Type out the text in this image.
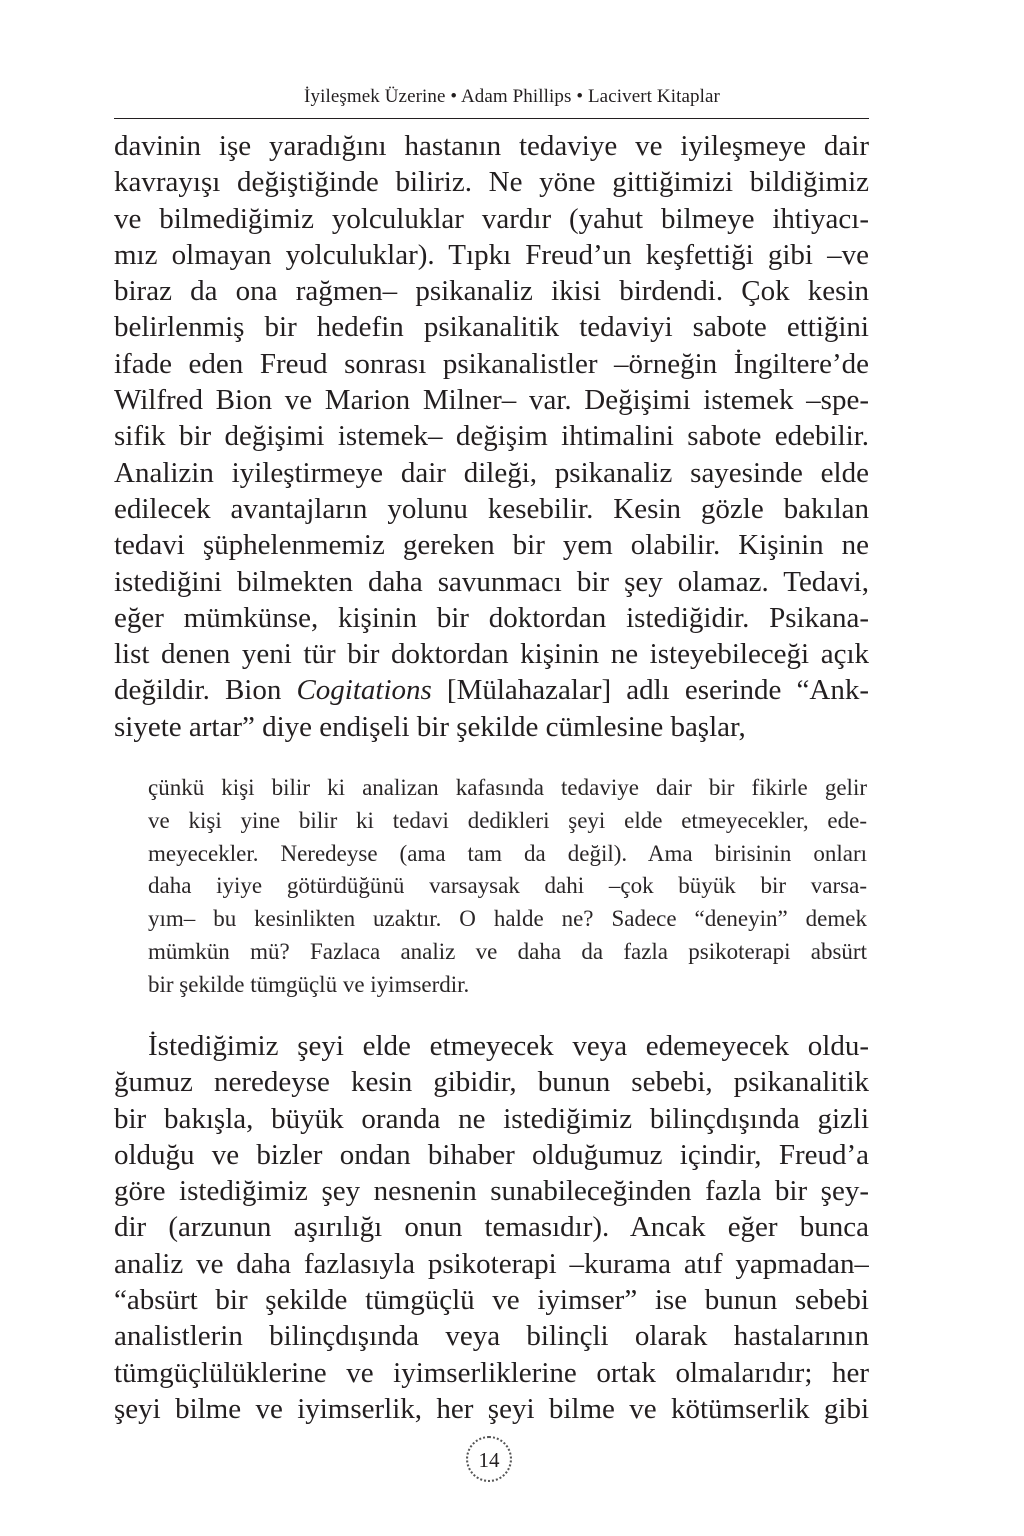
İyileşmek Üzerine • Adam Phillips • Lacivert Kitaplar
davinin işe yaradığını hastanın tedaviye ve iyileşmeye dair
kavrayışı değiştiğinde biliriz. Ne yöne gittiğimizi bildiğimiz
ve bilmediğimiz yolculuklar vardır (yahut bilmeye ihtiyacı-
mız olmayan yolculuklar). Tıpkı Freud’un keşfettiği gibi –ve
biraz da ona rağmen– psikanaliz ikisi birdendi. Çok kesin
belirlenmiş bir hedefin psikanalitik tedaviyi sabote ettiğini
ifade eden Freud sonrası psikanalistler –örneğin İngiltere’de
Wilfred Bion ve Marion Milner– var. Değişimi istemek –spe-
sifik bir değişimi istemek– değişim ihtimalini sabote edebilir.
Analizin iyileştirmeye dair dileği, psikanaliz sayesinde elde
edilecek avantajların yolunu kesebilir. Kesin gözle bakılan
tedavi şüphelenmemiz gereken bir yem olabilir. Kişinin ne
istediğini bilmekten daha savunmacı bir şey olamaz. Tedavi,
eğer mümkünse, kişinin bir doktordan istediğidir. Psikana-
list denen yeni tür bir doktordan kişinin ne isteyebileceği açık
değildir. Bion Cogitations [Mülahazalar] adlı eserinde “Ank-
siyete artar” diye endişeli bir şekilde cümlesine başlar,
çünkü kişi bilir ki analizan kafasında tedaviye dair bir fikirle gelir
ve kişi yine bilir ki tedavi dedikleri şeyi elde etmeyecekler, ede-
meyecekler. Neredeyse (ama tam da değil). Ama birisinin onları
daha iyiye götürdüğünü varsaysak dahi –çok büyük bir varsa-
yım– bu kesinlikten uzaktır. O halde ne? Sadece “deneyin” demek
mümkün mü? Fazlaca analiz ve daha da fazla psikoterapi absürt
bir şekilde tümgüçlü ve iyimserdir.
İstediğimiz şeyi elde etmeyecek veya edemeyecek oldu-
ğumuz neredeyse kesin gibidir, bunun sebebi, psikanalitik
bir bakışla, büyük oranda ne istediğimiz bilinçdışında gizli
olduğu ve bizler ondan bihaber olduğumuz içindir, Freud’a
göre istediğimiz şey nesnenin sunabileceğinden fazla bir şey-
dir (arzunun aşırılığı onun temasıdır). Ancak eğer bunca
analiz ve daha fazlasıyla psikoterapi –kurama atıf yapmadan–
“absürt bir şekilde tümgüçlü ve iyimser” ise bunun sebebi
analistlerin bilinçdışında veya bilinçli olarak hastalarının
tümgüçlülüklerine ve iyimserliklerine ortak olmalarıdır; her
şeyi bilme ve iyimserlik, her şeyi bilme ve kötümserlik gibi
14
